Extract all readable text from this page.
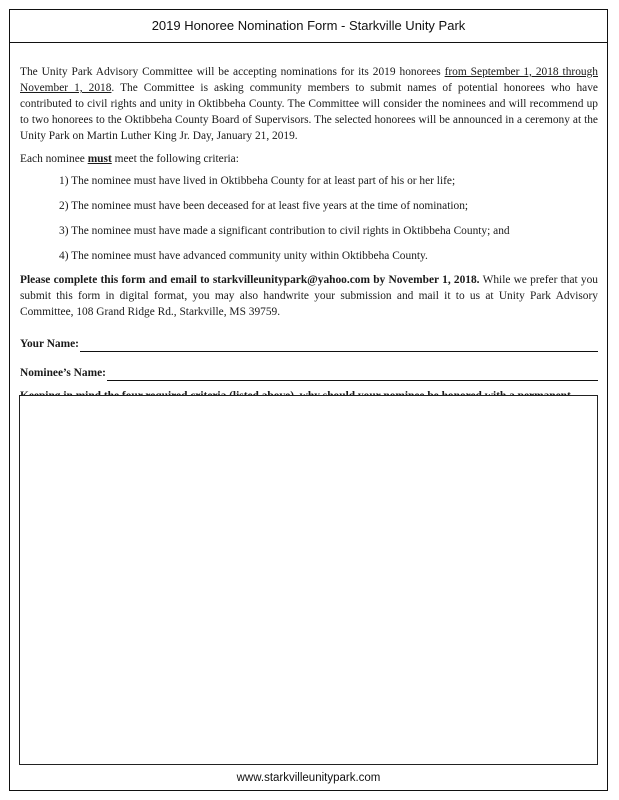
2019 Honoree Nomination Form - Starkville Unity Park

The Unity Park Advisory Committee will be accepting nominations for its 2019 honorees from September 1, 2018 through November 1, 2018. The Committee is asking community members to submit names of potential honorees who have contributed to civil rights and unity in Oktibbeha County. The Committee will consider the nominees and will recommend up to two honorees to the Oktibbeha County Board of Supervisors. The selected honorees will be announced in a ceremony at the Unity Park on Martin Luther King Jr. Day, January 21, 2019.

Each nominee must meet the following criteria:

1) The nominee must have lived in Oktibbeha County for at least part of his or her life;
2) The nominee must have been deceased for at least five years at the time of nomination;
3) The nominee must have made a significant contribution to civil rights in Oktibbeha County; and
4) The nominee must have advanced community unity within Oktibbeha County.

Please complete this form and email to starkvilleunitypark@yahoo.com by November 1, 2018. While we prefer that you submit this form in digital format, you may also handwrite your submission and mail it to us at Unity Park Advisory Committee, 108 Grand Ridge Rd., Starkville, MS 39759.

Your Name:
Nominee’s Name:
www.starkvilleunitypark.com
